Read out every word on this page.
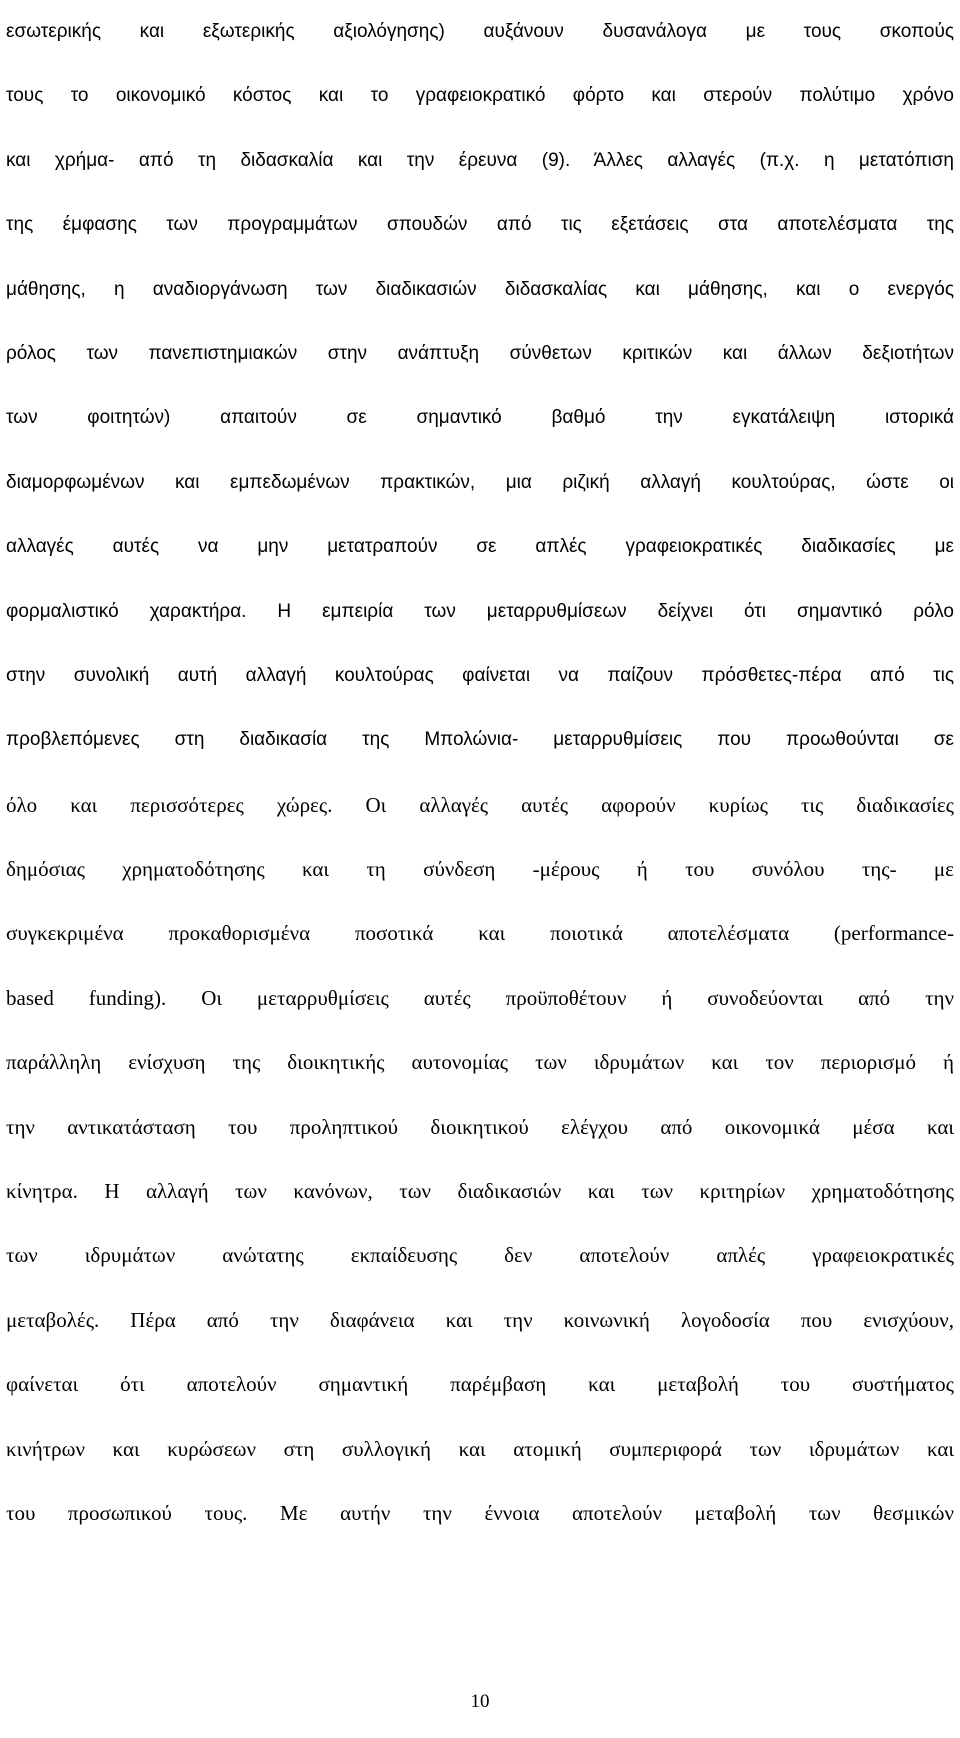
εσωτερικής και εξωτερικής αξιολόγησης) αυξάνουν δυσανάλογα με τους σκοπούς
τους το οικονομικό κόστος και το γραφειοκρατικό φόρτο και στερούν πολύτιμο χρόνο
και χρήμα- από τη διδασκαλία και την έρευνα (9). Άλλες αλλαγές (π.χ. η μετατόπιση
της έμφασης των προγραμμάτων σπουδών από τις εξετάσεις στα αποτελέσματα της
μάθησης, η αναδιοργάνωση των διαδικασιών διδασκαλίας και μάθησης, και ο ενεργός
ρόλος των πανεπιστημιακών στην ανάπτυξη σύνθετων κριτικών και άλλων δεξιοτήτων
των φοιτητών) απαιτούν σε σημαντικό βαθμό την εγκατάλειψη ιστορικά
διαμορφωμένων και εμπεδωμένων πρακτικών, μια ριζική αλλαγή κουλτούρας, ώστε οι
αλλαγές αυτές να μην μετατραπούν σε απλές γραφειοκρατικές διαδικασίες με
φορμαλιστικό χαρακτήρα. Η εμπειρία των μεταρρυθμίσεων δείχνει ότι σημαντικό ρόλο
στην συνολική αυτή αλλαγή κουλτούρας φαίνεται να παίζουν πρόσθετες-πέρα από τις
προβλεπόμενες στη διαδικασία της Μπολώνια- μεταρρυθμίσεις που προωθούνται σε
όλο και περισσότερες χώρες. Οι αλλαγές αυτές αφορούν κυρίως τις διαδικασίες
δημόσιας χρηματοδότησης και τη σύνδεση -μέρους ή του συνόλου της- με
συγκεκριμένα προκαθορισμένα ποσοτικά και ποιοτικά αποτελέσματα (performance-
based funding). Οι μεταρρυθμίσεις αυτές προϋποθέτουν ή συνοδεύονται από την
παράλληλη ενίσχυση της διοικητικής αυτονομίας των ιδρυμάτων και τον περιορισμό ή
την αντικατάσταση του προληπτικού διοικητικού ελέγχου από οικονομικά μέσα και
κίνητρα. Η αλλαγή των κανόνων, των διαδικασιών και των κριτηρίων χρηματοδότησης
των ιδρυμάτων ανώτατης εκπαίδευσης δεν αποτελούν απλές γραφειοκρατικές
μεταβολές. Πέρα από την διαφάνεια και την κοινωνική λογοδοσία που ενισχύουν,
φαίνεται ότι αποτελούν σημαντική παρέμβαση και μεταβολή του συστήματος
κινήτρων και κυρώσεων στη συλλογική και ατομική συμπεριφορά των ιδρυμάτων και
του προσωπικού τους. Με αυτήν την έννοια αποτελούν μεταβολή των θεσμικών
10
